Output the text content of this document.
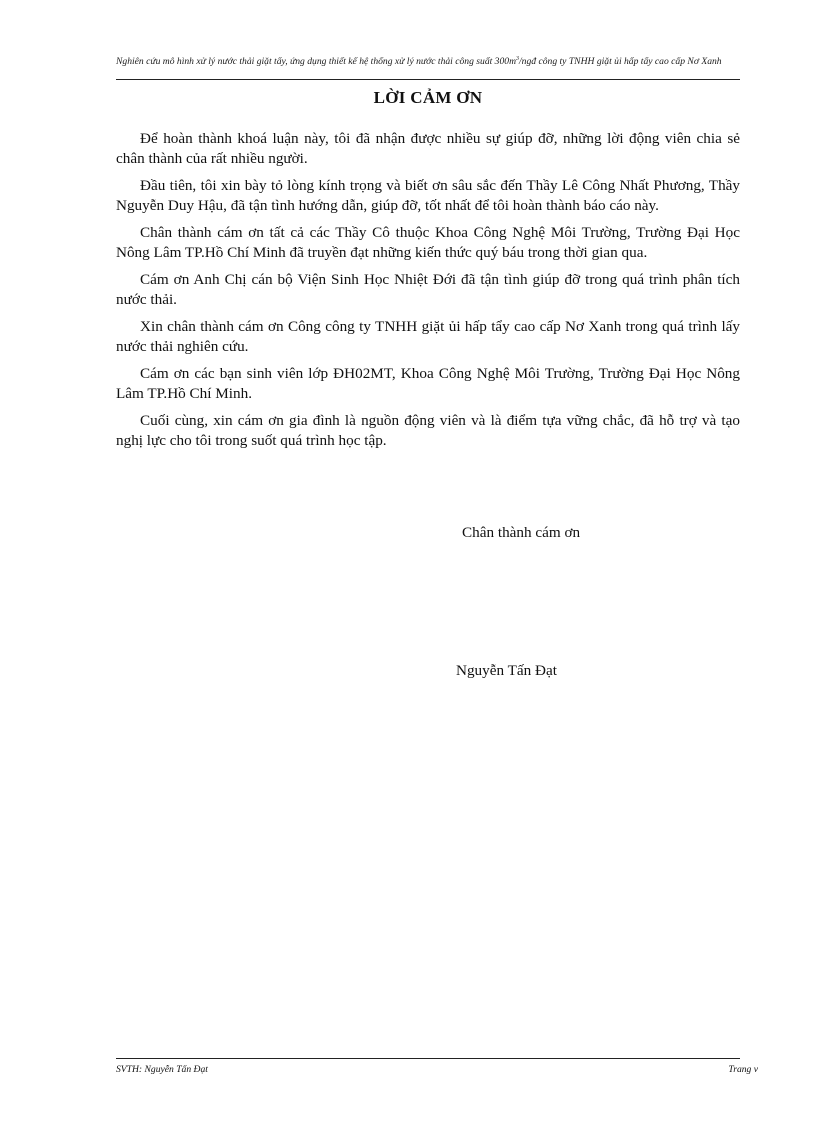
Nghiên cứu mô hình xử lý nước thải giặt tẩy, ứng dụng thiết kế hệ thống xử lý nước thải công suất $300m^3$/ngđ công ty TNHH giặt ủi hấp tẩy cao cấp Nơ Xanh
LỜI CẢM ƠN

Để hoàn thành khoá luận này, tôi đã nhận được nhiều sự giúp đỡ, những lời động viên chia sẻ chân thành của rất nhiều người.

Đầu tiên, tôi xin bày tỏ lòng kính trọng và biết ơn sâu sắc đến Thầy Lê Công Nhất Phương, Thầy Nguyễn Duy Hậu, đã tận tình hướng dẫn, giúp đỡ, tốt nhất để tôi hoàn thành báo cáo này.

Chân thành cám ơn tất cả các Thầy Cô thuộc Khoa Công Nghệ Môi Trường, Trường Đại Học Nông Lâm TP.Hồ Chí Minh đã truyền đạt những kiến thức quý báu trong thời gian qua.

Cám ơn Anh Chị cán bộ Viện Sinh Học Nhiệt Đới đã tận tình giúp đỡ trong quá trình phân tích nước thải.

Xin chân thành cám ơn Công công ty TNHH giặt ủi hấp tẩy cao cấp Nơ Xanh trong quá trình lấy nước thải nghiên cứu.

Cám ơn các bạn sinh viên lớp ĐH02MT, Khoa Công Nghệ Môi Trường, Trường Đại Học Nông Lâm TP.Hồ Chí Minh.

Cuối cùng, xin cám ơn gia đình là nguồn động viên và là điểm tựa vững chắc, đã hỗ trợ và tạo nghị lực cho tôi trong suốt quá trình học tập.

Chân thành cám ơn
Nguyễn Tấn Đạt
SVTH: Nguyễn Tấn Đạt	Trang v
